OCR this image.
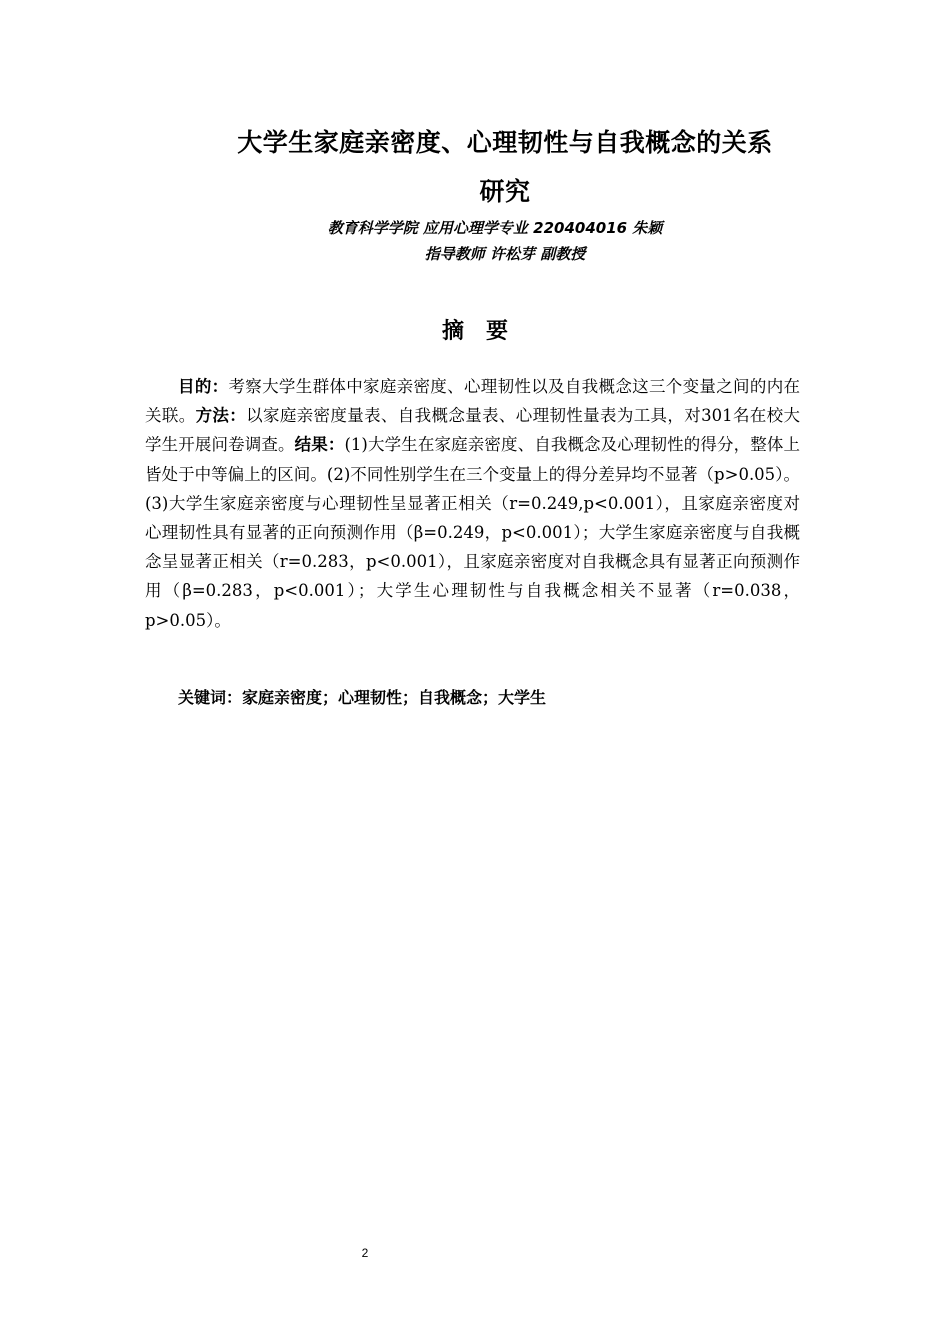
大学生家庭亲密度、心理韧性与自我概念的关系
研究
教育科学学院 应用心理学专业 220404016 朱颖
指导教师 许松芽 副教授
摘要
目的：考察大学生群体中家庭亲密度、心理韧性以及自我概念这三个变量之间的内在关联。方法：以家庭亲密度量表、自我概念量表、心理韧性量表为工具，对301名在校大学生开展问卷调查。结果：(1)大学生在家庭亲密度、自我概念及心理韧性的得分，整体上皆处于中等偏上的区间。(2)不同性别学生在三个变量上的得分差异均不显著（p>0.05）。(3)大学生家庭亲密度与心理韧性呈显著正相关（r=0.249,p<0.001），且家庭亲密度对心理韧性具有显著的正向预测作用（β=0.249，p<0.001）；大学生家庭亲密度与自我概念呈显著正相关（r=0.283，p<0.001），且家庭亲密度对自我概念具有显著正向预测作用（β=0.283，p<0.001）；大学生心理韧性与自我概念相关不显著（r=0.038，p>0.05）。
关键词：家庭亲密度；心理韧性；自我概念；大学生
2
